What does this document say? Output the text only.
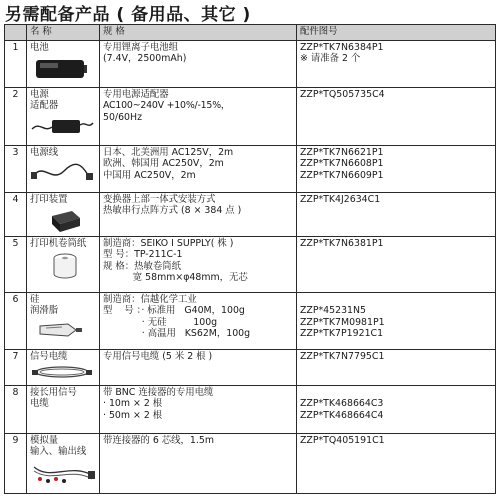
另需配备产品 ( 备用品、其它 )
	名 称	规 格	配件图号
1	电池	专用锂离子电池组
(7.4V，2500mAh)	ZZP*TK7N6384P1
※ 请准备 2 个

2	电源
适配器	专用电源适配器
AC100~240V +10%/-15%，
50/60Hz	ZZP*TQ505735C4

3	电源线	日本、北美洲用 AC125V，2m
欧洲、韩国用 AC250V，2m
中国用 AC250V，2m	ZZP*TK7N6621P1
ZZP*TK7N6608P1
ZZP*TK7N6609P1

4	打印装置	变换器上部一体式安装方式
热敏串行点阵方式 (8 × 384 点 )	ZZP*TK4J2634C1

5	打印机卷筒纸	制造商：SEIKO I SUPPLY( 株 )
型 号：TP-211C-1
规 格：热敏卷筒纸
宽 58mm×φ48mm，无芯	ZZP*TK7N6381P1

6	硅
润滑脂	制造商：信越化学工业
型    号 ：· 标准用   G40M，100g
· 无硅         100g
· 高温用   KS62M，100g	ZZP*45231N5
ZZP*TK7M0981P1
ZZP*TK7P1921C1

7	信号电缆	专用信号电缆 (5 米 2 根 )	ZZP*TK7N7795C1

8	接长用信号
电缆	带 BNC 连接器的专用电缆
· 10m × 2 根
· 50m × 2 根	ZZP*TK468664C3
ZZP*TK468664C4

9	模拟量
输入、输出线	带连接器的 6 芯线，1.5m	ZZP*TQ405191C1
